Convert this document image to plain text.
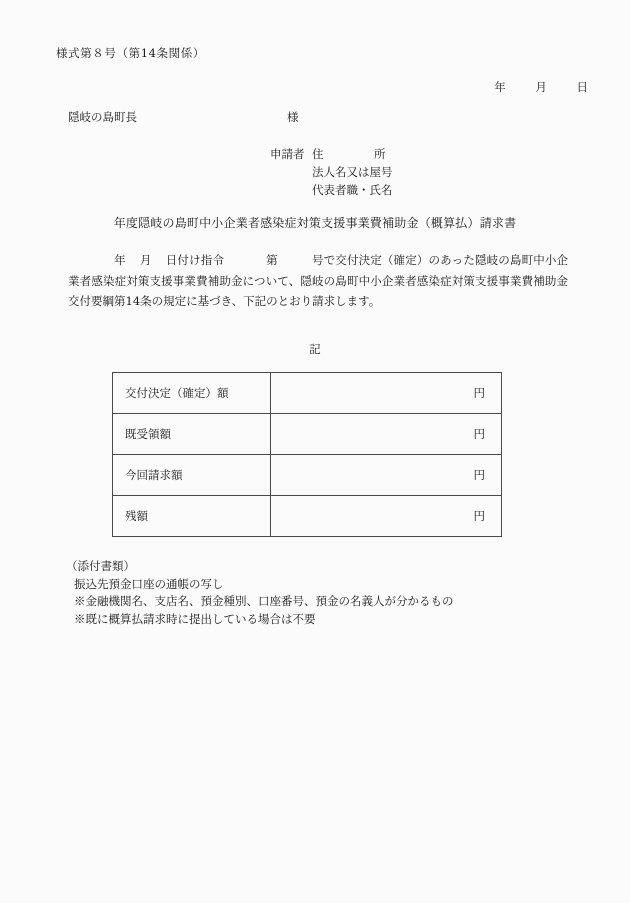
様式第８号（第14条関係）
年	月	日
隠岐の島町長	様
申請者 住	所
法人名又は屋号
代表者職・氏名
年度隠岐の島町中小企業者感染症対策支援事業費補助金（概算払）請求書
年 月 日付け指令	第	号で交付決定（確定）のあった隠岐の島町中小企業者感染症対策支援事業費補助金について、隠岐の島町中小企業者感染症対策支援事業費補助金交付要綱第14条の規定に基づき、下記のとおり請求します。
記
交付決定（確定）額	円
既受領額	円
今回請求額	円
残額	円
（添付書類）
振込先預金口座の通帳の写し
※金融機関名、支店名、預金種別、口座番号、預金の名義人が分かるもの
※既に概算払請求時に提出している場合は不要
